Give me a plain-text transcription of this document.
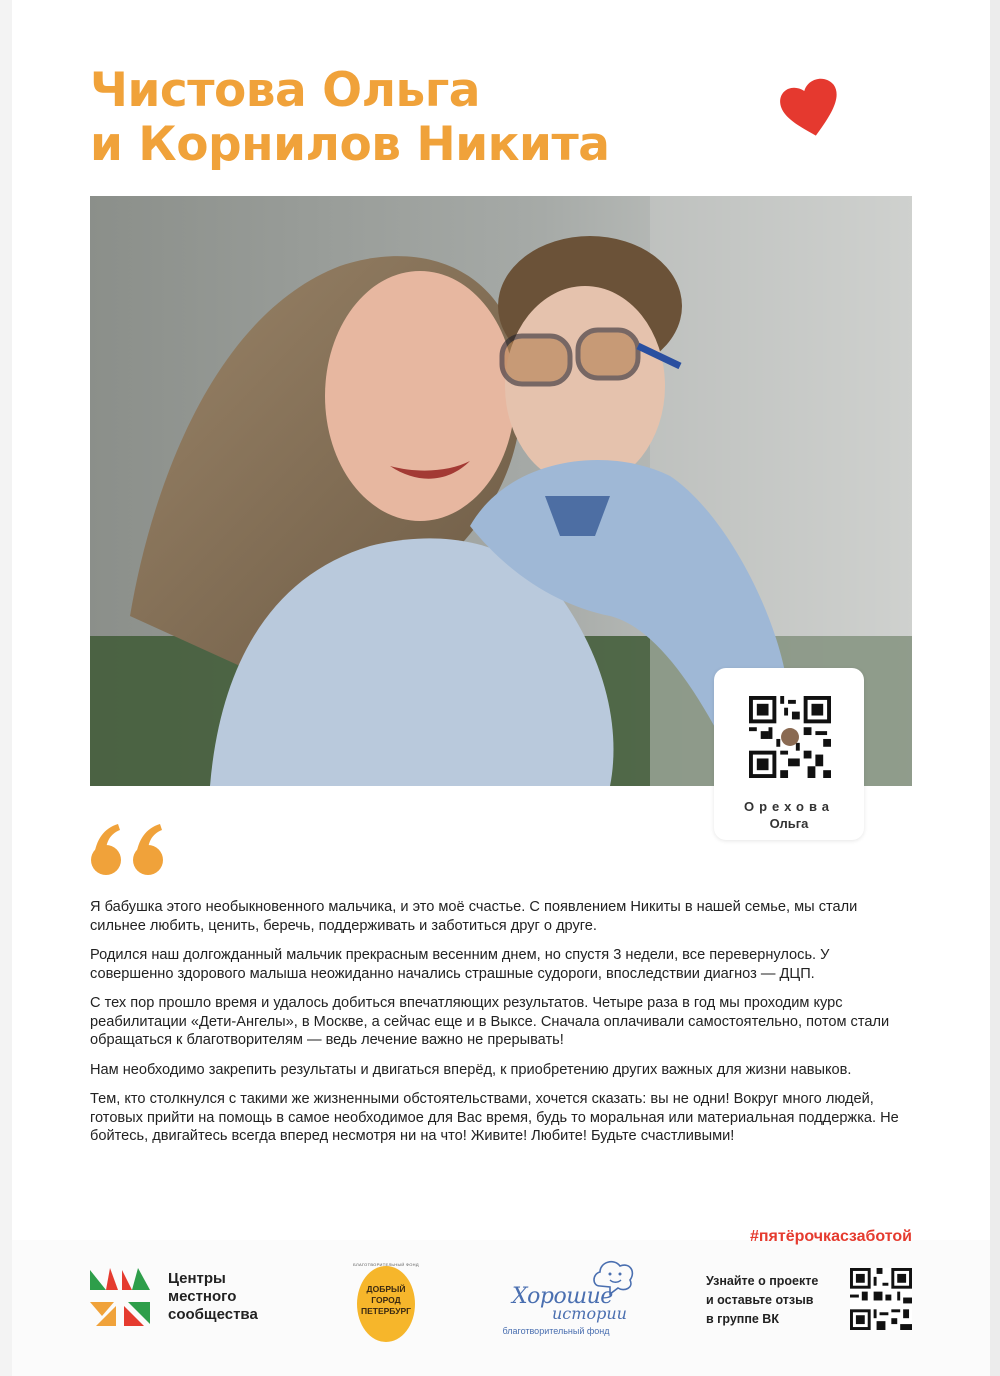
Чистова Ольга
и Корнилов Никита
Орехова
Ольга

Я бабушка этого необыкновенного мальчика, и это моё счастье. С появлением Никиты в нашей семье, мы стали сильнее любить, ценить, беречь, поддерживать и заботиться друг о друге.

Родился наш долгожданный мальчик прекрасным весенним днем, но спустя 3 недели, все перевернулось. У совершенно здорового малыша неожиданно начались страшные судороги, впоследствии диагноз — ДЦП.

С тех пор прошло время и удалось добиться впечатляющих результатов. Четыре раза в год мы проходим курс реабилитации «Дети-Ангелы», в Москве, а сейчас еще и в Выксе. Сначала оплачивали самостоятельно, потом стали обращаться к благотворителям — ведь лечение важно не прерывать!

Нам необходимо закрепить результаты и двигаться вперёд, к приобретению других важных для жизни навыков.

Тем, кто столкнулся с такими же жизненными обстоятельствами, хочется сказать: вы не одни! Вокруг много людей, готовых прийти на помощь в самое необходимое для Вас время, будь то моральная или материальная поддержка. Не бойтесь, двигайтесь всегда вперед несмотря ни на что! Живите! Любите! Будьте счастливыми!

#пятёрочкасзаботой
Центры
местного
сообщества
БЛАГОТВОРИТЕЛЬНЫЙ ФОНД
ДОБРЫЙ
ГОРОД
ПЕТЕРБУРГ
Хорошие
истории
благотворительный фонд
Узнайте о проекте
и оставьте отзыв
в группе ВК
